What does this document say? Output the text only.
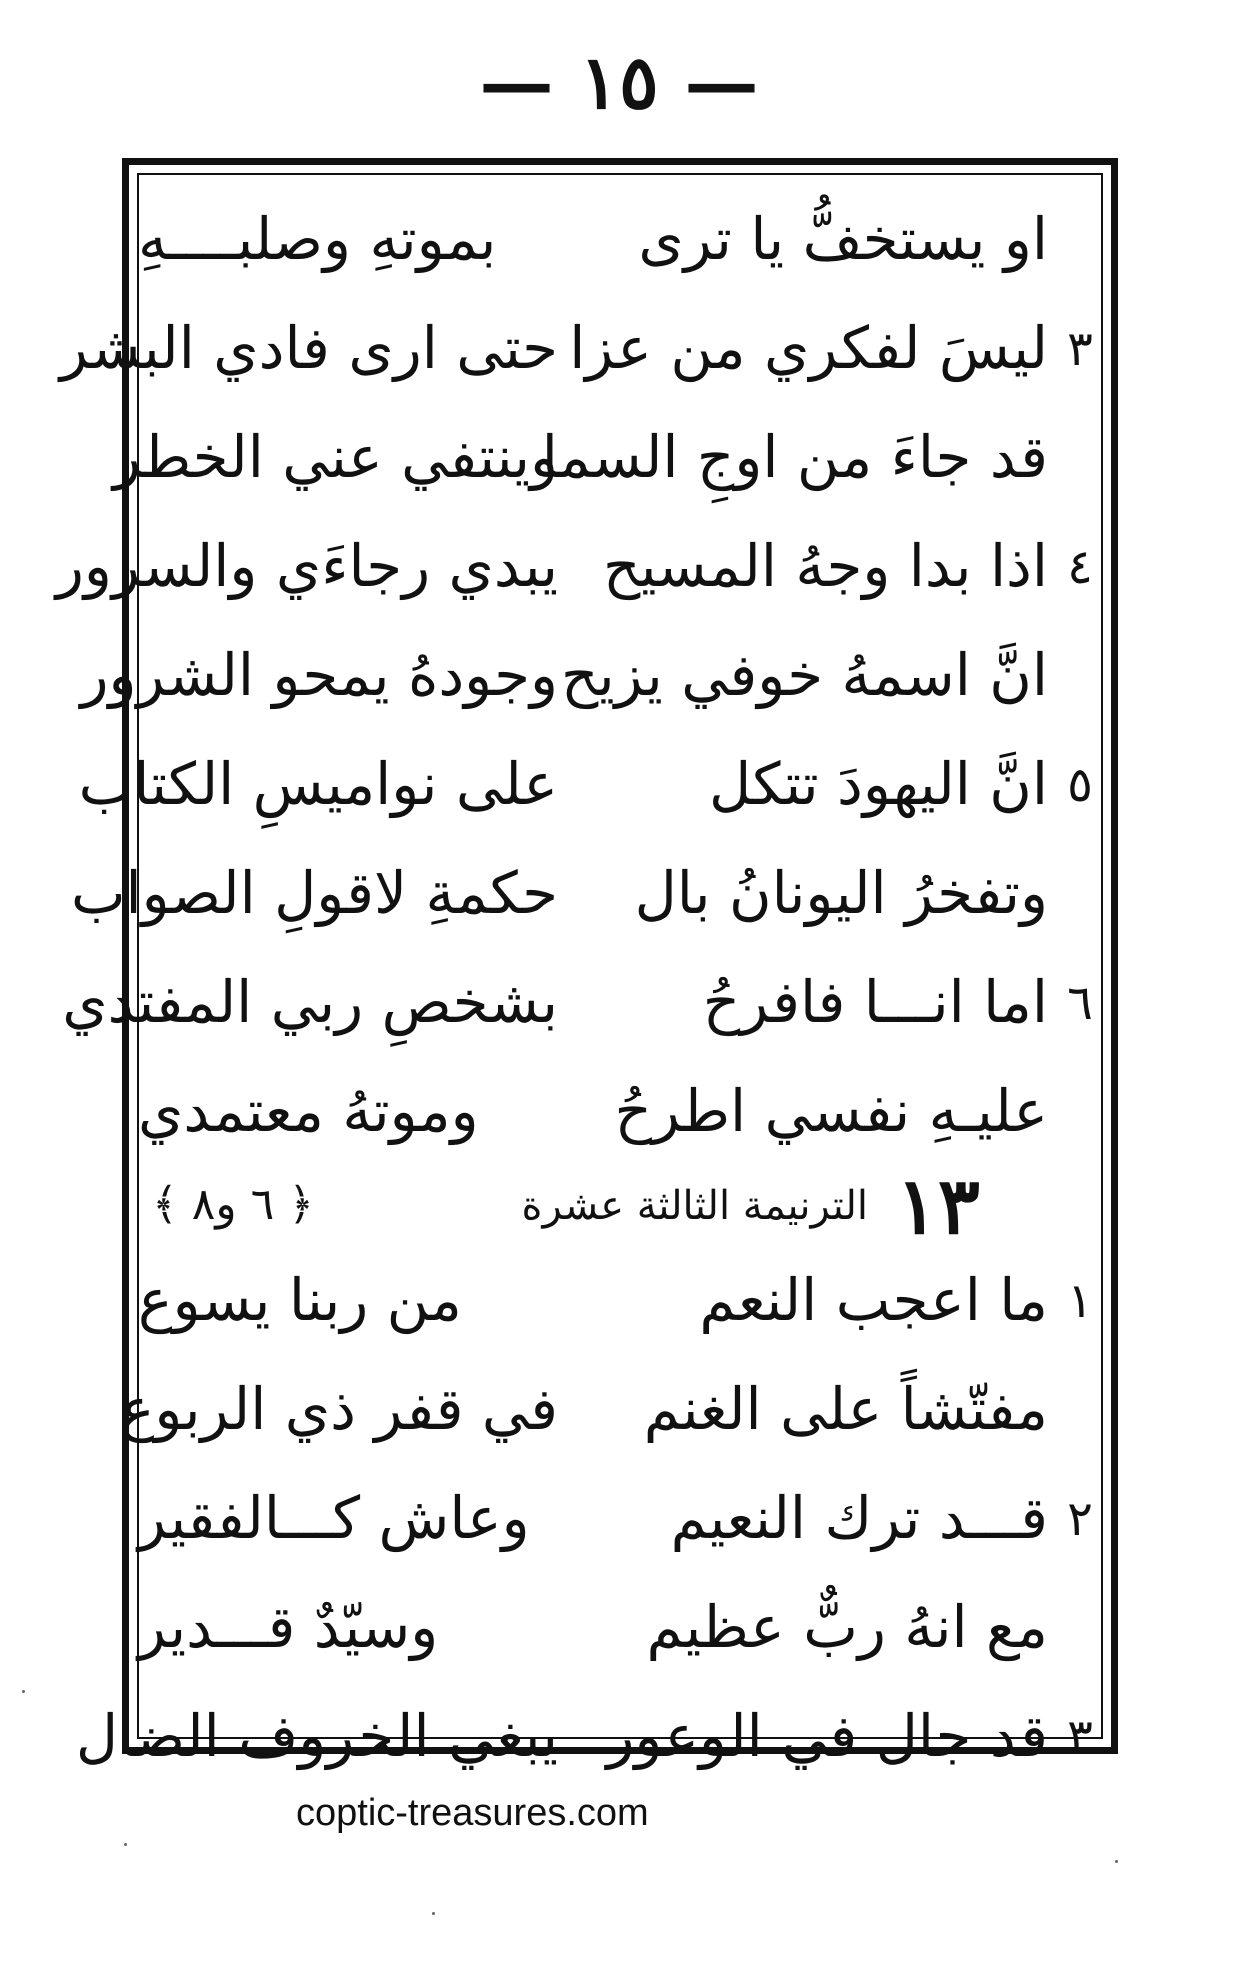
— ١٥ —
او يستخفُّ يا ترى
بموتهِ وصلبــــهِ
٣
ليسَ لفكري من عزا
حتى ارى فادي البشر
قد جاءَ من اوجِ السما
وينتفي عني الخطر
٤
اذا بدا وجهُ المسيح
يبدي رجاءَي والسرور
انَّ اسمهُ خوفي يزيح
وجودهُ يمحو الشرور
٥
انَّ اليهودَ تتكل
على نواميسِ الكتاب
وتفخرُ اليونانُ بال
حكمةِ لاقولِ الصواب
٦
اما انـــا فافرحُ
بشخصِ ربي المفتدي
عليـهِ نفسي اطرحُ
وموتهُ معتمدي
١٣
الترنيمة الثالثة عشرة
﴿ ٦ و٨ ﴾
١
ما اعجب النعم
من ربنا يسوع
مفتّشاً على الغنم
في قفر ذي الربوع
٢
قـــد ترك النعيم
وعاش كـــالفقير
مع انهُ ربٌّ عظيم
وسيّدٌ قـــدير
٣
قد جال في الوعور
يبغي الخروف الضال
coptic-treasures.com
